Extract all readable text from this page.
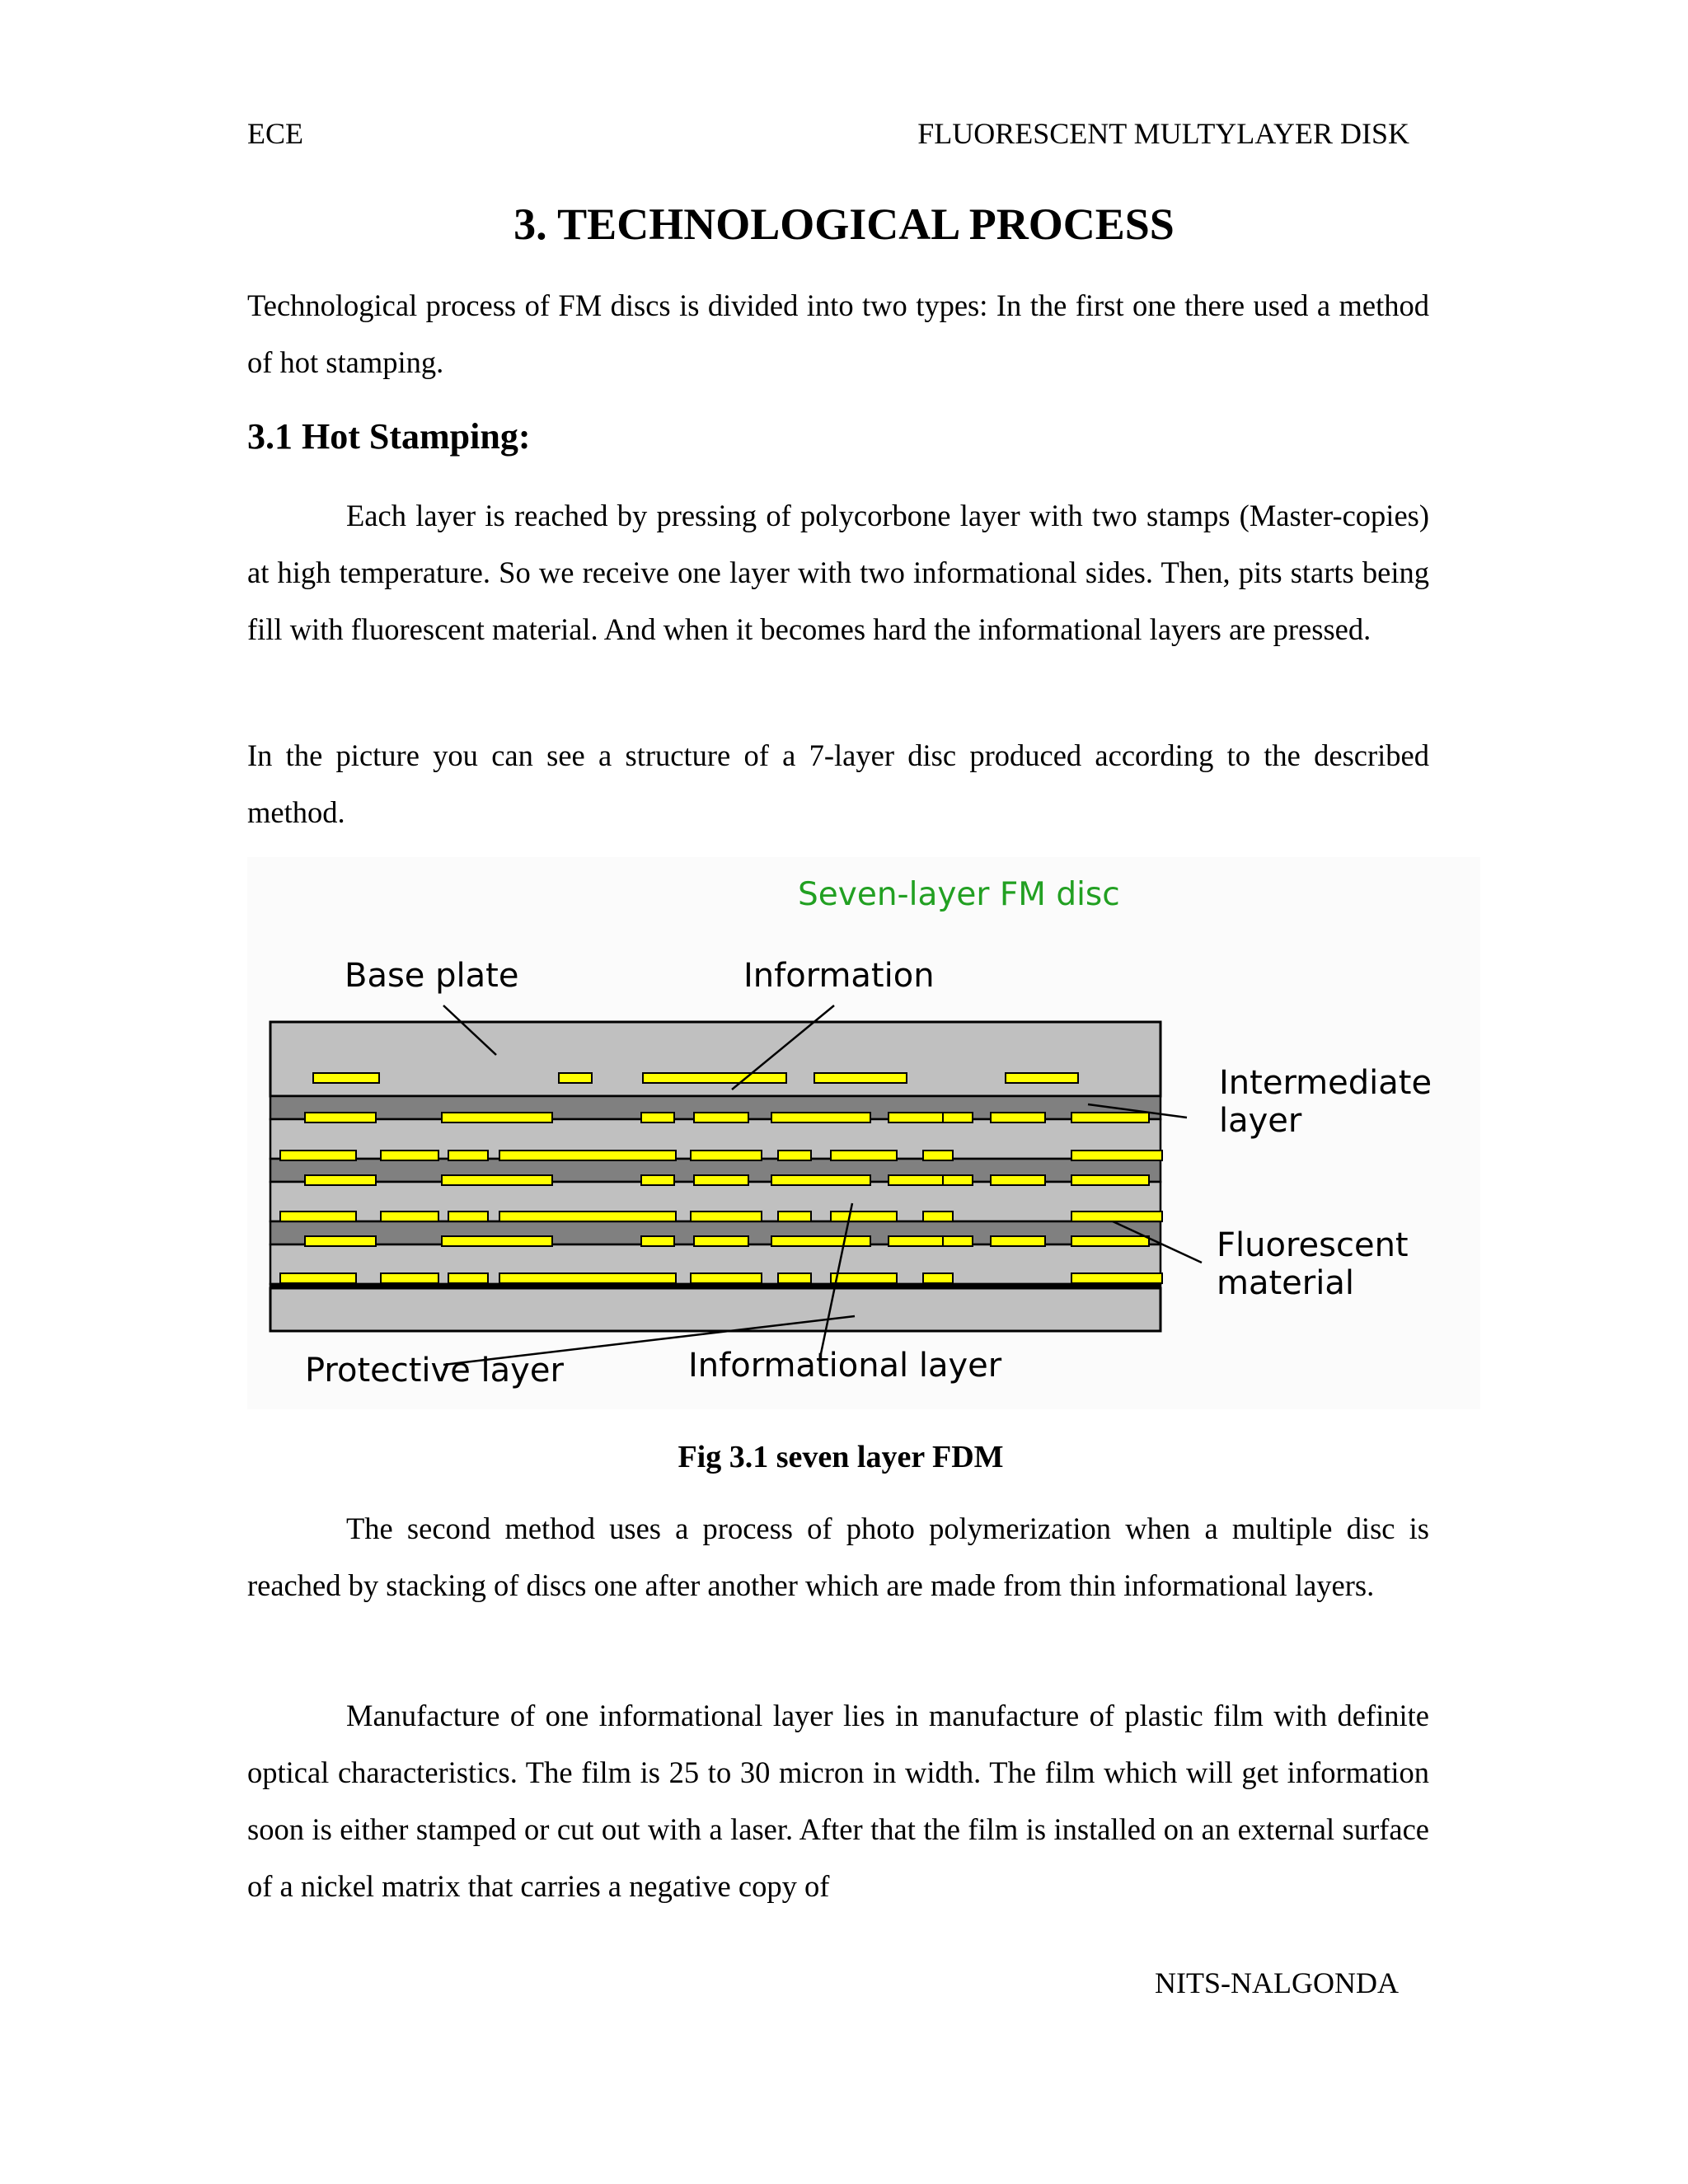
ECE	FLUORESCENT MULTYLAYER DISK
3. TECHNOLOGICAL PROCESS

Technological process of FM discs is divided into two types: In the first one there used a method of hot stamping.

3.1 Hot Stamping:

Each layer is reached by pressing of polycorbone layer with two stamps (Master-copies) at high temperature. So we receive one layer with two informational sides. Then, pits starts being fill with fluorescent material. And when it becomes hard the informational layers are pressed.

In the picture you can see a structure of a 7-layer disc produced according to the described method.

Seven-layer FM disc
Base plate	Information
Intermediate
layer
Fluorescent
material
Protective layer	Informational layer
Fig 3.1 seven layer FDM

The second method uses a process of photo polymerization when a multiple disc is reached by stacking of discs one after another which are made from thin informational layers.

Manufacture of one informational layer lies in manufacture of plastic film with definite optical characteristics. The film is 25 to 30 micron in width. The film which will get information soon is either stamped or cut out with a laser. After that the film is installed on an external surface of a nickel matrix that carries a negative copy of

NITS-NALGONDA
